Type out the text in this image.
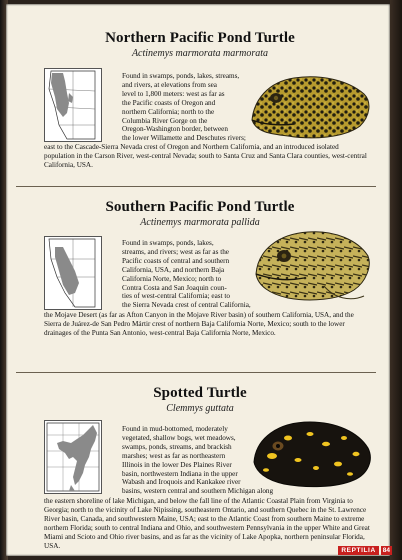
Northern Pacific Pond Turtle

Actinemys marmorata marmorata

Found in swamps, ponds, lakes, streams,
and rivers, at elevations from sea
level to 1,800 meters: west as far as
the Pacific coasts of Oregon and
northern California; north to the
Columbia River Gorge on the
Oregon-Washington border, between
the lower Willamette and Deschutes rivers;
east to the Cascade-Sierra Nevada crest of Oregon and Northern California, and an introduced isolated population in the Carson River, west-central Nevada; south to Santa Cruz and Santa Clara counties, west-central California, USA.

Southern Pacific Pond Turtle

Actinemys marmorata pallida

Found in swamps, ponds, lakes,
streams, and rivers; west as far as the
Pacific coasts of central and southern
California, USA, and northern Baja
California Norte, Mexico; north to
Contra Costa and San Joaquin coun-
ties of west-central California; east to
the Sierra Nevada crest of central California,
the Mojave Desert (as far as Afton Canyon in the Mojave River basin) of southern California, USA, and the Sierra de Juárez-de San Pedro Mártir crest of northern Baja California Norte, Mexico; south to the lower drainages of the Punta San Antonio, west-central Baja California Norte, Mexico.

Spotted Turtle

Clemmys guttata

Found in mud-bottomed, moderately
vegetated, shallow bogs, wet meadows,
swamps, ponds, streams, and brackish
marshes; west as far as northeastern
Illinois in the lower Des Plaines River
basin, northwestern Indiana in the upper
Wabash and Iroquois and Kankakee river
basins, western central and southern Michigan along
the eastern shoreline of lake Michigan, and below the fall line of the Atlantic Coastal Plain from Virginia to Georgia; north to the vicinity of Lake Nipissing, southeastern Ontario, and southern Quebec in the St. Lawrence River basin, Canada, and southwestern Maine, USA; east to the Atlantic Coast from southern Maine to extreme northern Florida; south to central Indiana and Ohio, and southwestern Pennsylvania in the upper White and Great Miami and Scioto and Ohio river basins, and as far as the vicinity of Lake Apopka, northern peninsular Florida, USA.
REPTILIA	84
